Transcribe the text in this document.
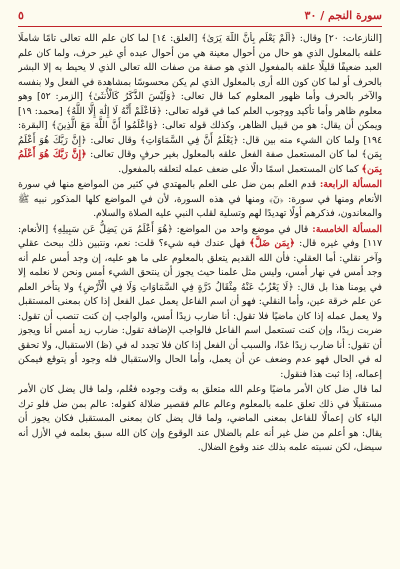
سورة النجم / ٣٠
٥

[النازعات: ٢٠] وقال: ﴿أَلَمْ يَعْلَم بِأَنَّ اللَّهَ يَرَىٰ﴾ [العلق: ١٤] لما كان علم الله تعالى تامًا شاملًا علقه بالمعلول الذي هو حال من أحوال معينة هي من أحوال عبده أي غير حرف، ولما كان علم العبد ضعيفًا قليلًا علقه بالمفعول الذي هو صفة من صفات الله تعالى الذي لا يحيط به إلا البشر بالحرف أو لما كان كون الله أرى بالمعلول الذي لم يكن محسوسًا بمشاهدة في الفعل ولا بنفسه والآخر بالحرف وأما ظهور المعلوم كما قال تعالى: ﴿وَلَيْسَ الذَّكَرُ كَالْأُنثَىٰ﴾ [الزمر: ٥٢] وهو معلوم ظاهر وأما تأكيد ووجوب العلم كما في قوله تعالى: ﴿فَاعْلَمْ أَنَّهُ لَا إِلَٰهَ إِلَّا اللَّهُ﴾ [محمد: ١٩] ويمكن أن يقال: هو من قبيل الظاهر، وكذلك قوله تعالى: ﴿وَاعْلَمُوا أَنَّ اللَّهَ مَعَ الَّذِينَ﴾ [البقرة: ١٩٤] ولما كان الشيء منه بين قال: ﴿يَعْلَمُ أَنَّ فِي السَّمَاوَاتِ﴾ وقال تعالى: ﴿إِنَّ رَبَّكَ هُوَ أَعْلَمُ بِمَن﴾ لما كان المستعمل صفة الفعل علقه بالمعلول بغير حرفٍ وقال تعالى: ﴿إِنَّ رَبَّكَ هُوَ أَعْلَمُ بِمَن﴾ كما كان المستعمل اسمًا دالًا على ضعف عمله لتعلقه بالمفعول.

المسألة الرابعة: قدم العلم بمن ضل على العلم بالمهتدي في كثير من المواضع منها في سورة الأنعام ومنها في سورة: ﴿نٓ﴾ ومنها في هذه السورة، لأن في المواضع كلها المذكور نبيه ﷺ والمعاندون، فذكرهم أولًا تهديدًا لهم وتسلية لقلب النبي عليه الصلاة والسلام.

المسألة الخامسة: قال في موضع واحد من المواضع: ﴿هُوَ أَعْلَمُ مَن يَضِلُّ عَن سَبِيلِهِ﴾ [الأنعام: ١١٧] وفي غيره قال: ﴿بِمَن ضَلَّ﴾ فهل عندك فيه شيء؟ قلت: نعم، ونتبين ذلك ببحث عقلي وآخر نقلي: أما العقلي: فأن الله القديم يتعلق بالمعلوم على ما هو عليه، إن وجد أمس علم أنه وجد أمس في نهار أمس، وليس مثل علمنا حيث يجوز أن ينتحق الشيء أمس ونحن لا نعلمه إلا في يومنا هذا بل قال: ﴿لَا يَعْزُبُ عَنْهُ مِثْقَالُ ذَرَّةٍ فِي السَّمَاوَاتِ وَلَا فِي الْأَرْضِ﴾ ولا يتأخر العلم عن علم خرقة عين، وأما النقلي: فهو أن اسم الفاعل يعمل عمل الفعل إذا كان بمعنى المستقبل ولا يعمل عمله إذا كان ماضيًا فلا تقول: أنا ضارب زيدًا أمس، والواجب إن كنت تنصب أن تقول: ضربت زيدًا، وإن كنت تستعمل اسم الفاعل فالواجب الإضافة تقول: ضارب زيد أمس أنا ويجوز أن تقول: أنا ضارب زيدًا غدًا، والسبب أن الفعل إذا كان فلا تجدد له في (ظ) الاستقبال، ولا تحقق له في الحال فهو عدم وضعف عن أن يعمل، وأما الحال والاستقبال فله وجود أو يتوقع فيمكن إعماله، إذا ثبت هذا فنقول:

لما قال ضل كان الأمر ماضيًا وعلم الله متعلق به وقت وجوده فعُلم، ولما قال يضل كان الأمر مستقبلًا في ذلك تعلق علمه بالمعلوم وعالم عالم فقصير ضلالة كقوله: عالم بمن ضل فلو ترك الباء كان إعمالًا للفاعل بمعنى الماضي، ولما قال يضل كان بمعنى المستقبل فكان يجوز أن يقال: هو أعلم من ضل غير أنه علم بالضلال عند الوقوع وإن كان الله سبق بعلمه في الأزل أنه سيضل، لكن نسبته علمه بذلك عند وقوع الضلال.
